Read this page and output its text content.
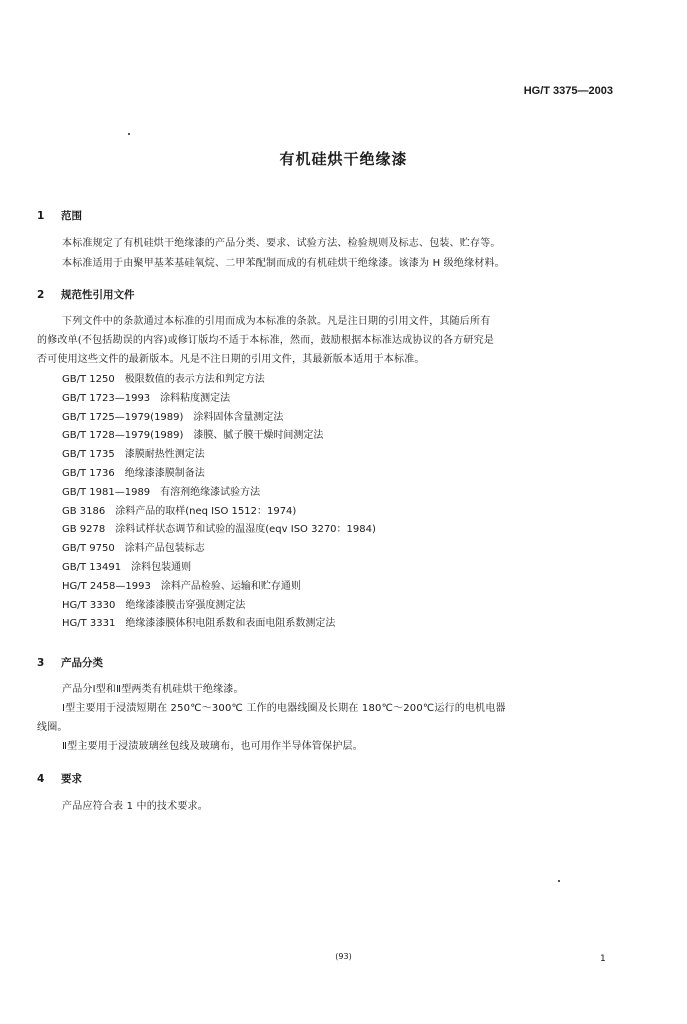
HG/T 3375—2003
有机硅烘干绝缘漆
1 范围
本标准规定了有机硅烘干绝缘漆的产品分类、要求、试验方法、检验规则及标志、包装、贮存等。
本标准适用于由聚甲基苯基硅氧烷、二甲苯配制而成的有机硅烘干绝缘漆。该漆为 H 级绝缘材料。
2 规范性引用文件
下列文件中的条款通过本标准的引用而成为本标准的条款。凡是注日期的引用文件，其随后所有
的修改单(不包括勘误的内容)或修订版均不适于本标准，然而，鼓励根据本标准达成协议的各方研究是
否可使用这些文件的最新版本。凡是不注日期的引用文件，其最新版本适用于本标准。
GB/T 1250 极限数值的表示方法和判定方法
GB/T 1723—1993 涂料粘度测定法
GB/T 1725—1979(1989) 涂料固体含量测定法
GB/T 1728—1979(1989) 漆膜、腻子膜干燥时间测定法
GB/T 1735 漆膜耐热性测定法
GB/T 1736 绝缘漆漆膜制备法
GB/T 1981—1989 有溶剂绝缘漆试验方法
GB 3186 涂料产品的取样(neq ISO 1512：1974)
GB 9278 涂料试样状态调节和试验的温湿度(eqv ISO 3270：1984)
GB/T 9750 涂料产品包装标志
GB/T 13491 涂料包装通则
HG/T 2458—1993 涂料产品检验、运输和贮存通则
HG/T 3330 绝缘漆漆膜击穿强度测定法
HG/T 3331 绝缘漆漆膜体积电阻系数和表面电阻系数测定法
3 产品分类
产品分Ⅰ型和Ⅱ型两类有机硅烘干绝缘漆。
Ⅰ型主要用于浸渍短期在 250℃～300℃ 工作的电器线圈及长期在 180℃～200℃运行的电机电器
线圈。
Ⅱ型主要用于浸渍玻璃丝包线及玻璃布，也可用作半导体管保护层。
4 要求
产品应符合表 1 中的技术要求。
(93)	1
